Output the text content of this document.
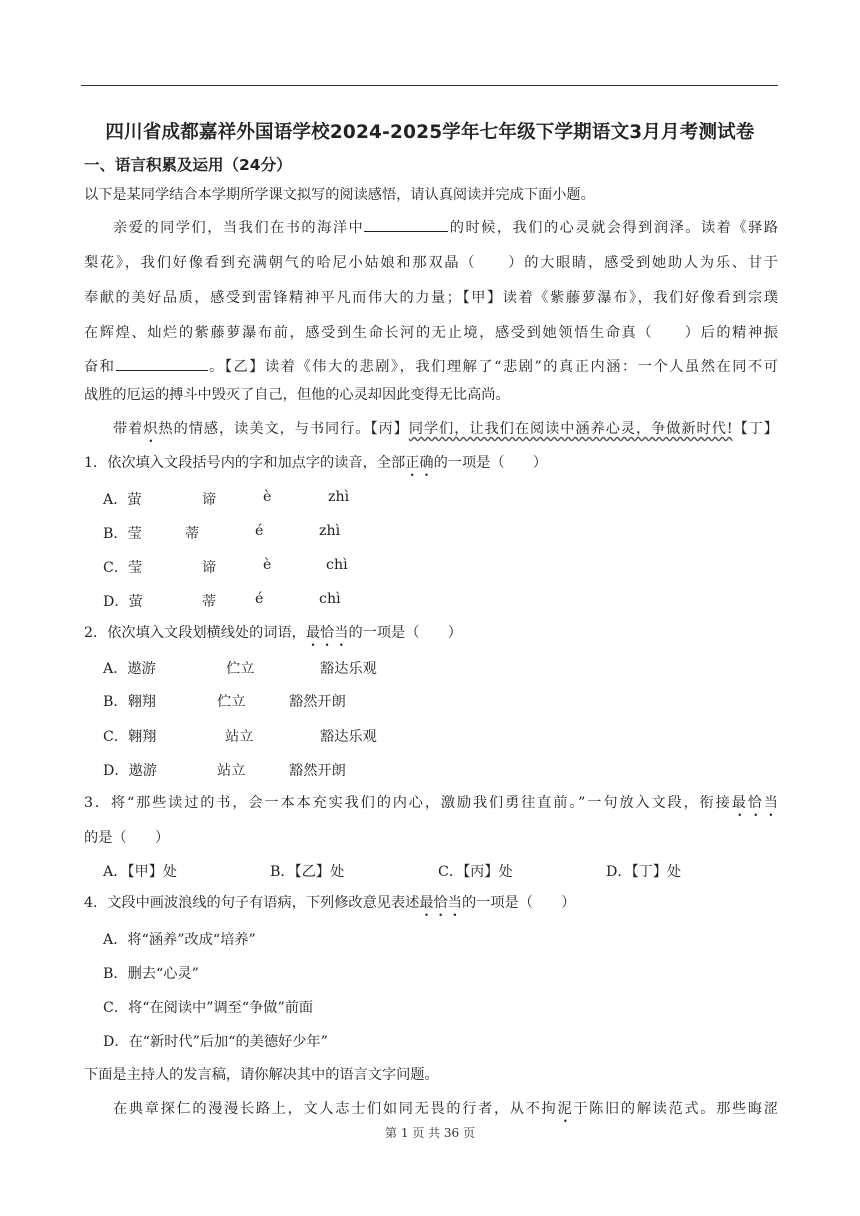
四川省成都嘉祥外国语学校2024-2025学年七年级下学期语文3月月考测试卷
一、语言积累及运用（24分）
以下是某同学结合本学期所学课文拟写的阅读感悟，请认真阅读并完成下面小题。
亲爱的同学们，当我们在书的海洋中	的时候，我们的心灵就会得到润泽。读着《驿路
梨花》，我们好像看到充满朝气的哈尼小姑娘和那双晶（　　）的大眼睛，感受到她助人为乐、甘于
奉献的美好品质，感受到雷锋精神平凡而伟大的力量；【甲】读着《紫藤萝瀑布》，我们好像看到宗璞
在辉煌、灿烂的紫藤萝瀑布前，感受到生命长河的无止境，感受到她领悟生命真（　　）后的精神振
奋和	。【乙】读着《伟大的悲剧》，我们理解了“悲剧”的真正内涵：一个人虽然在同不可
战胜的厄运的搏斗中毁灭了自己，但他的心灵却因此变得无比高尚。
带着炽热的情感，读美文，与书同行。【丙】同学们，让我们在阅读中涵养心灵，争做新时代!【丁】
1．依次填入文段括号内的字和加点字的读音，全部正确的一项是（　　）
A．萤	谛	è	zhì
B．莹	蒂	é	zhì
C．莹	谛	è	chì
D．萤	蒂	é	chì
2．依次填入文段划横线处的词语，最恰当的一项是（　　）
A．遨游	伫立	豁达乐观
B．翱翔	伫立	豁然开朗
C．翱翔	站立	豁达乐观
D．遨游	站立	豁然开朗
3．将“那些读过的书，会一本本充实我们的内心，激励我们勇往直前。”一句放入文段，衔接最恰当
的是（　　）
A．【甲】处	B．【乙】处	C．【丙】处	D．【丁】处
4．文段中画波浪线的句子有语病，下列修改意见表述最恰当的一项是（　　）
A．将“涵养”改成“培养”
B．删去“心灵”
C．将“在阅读中”调至“争做”前面
D．在“新时代”后加“的美德好少年”
下面是主持人的发言稿，请你解决其中的语言文字问题。
在典章探仁的漫漫长路上，文人志士们如同无畏的行者，从不拘泥于陈旧的解读范式。那些晦涩
第 1 页 共 36 页
